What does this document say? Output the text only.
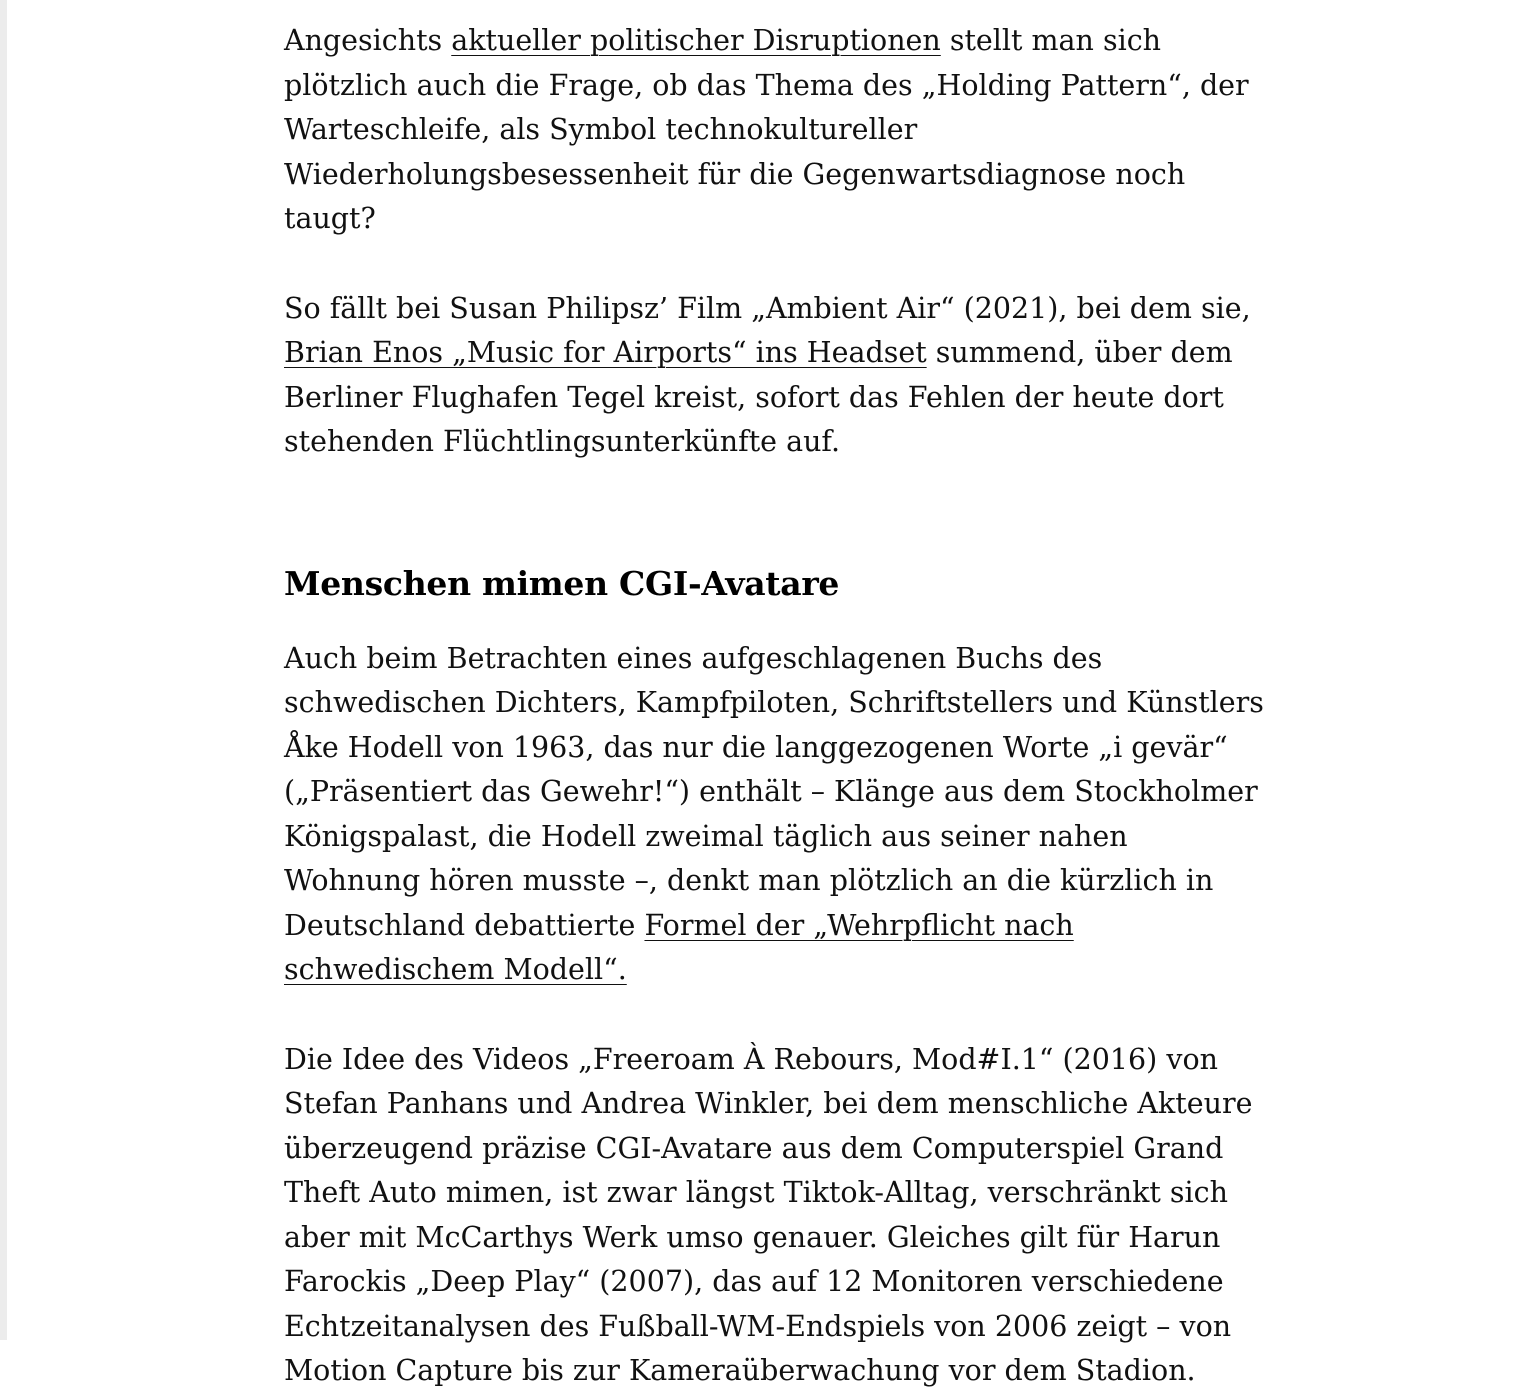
Angesichts aktueller politischer Disruptionen stellt man sich plötzlich auch die Frage, ob das Thema des „Holding Pattern“, der Warteschleife, als Symbol technokultureller Wiederholungsbesessenheit für die Gegenwartsdiagnose noch taugt?

So fällt bei Susan Philipsz’ Film „Ambient Air“ (2021), bei dem sie, Brian Enos „Music for Airports“ ins Headset summend, über dem Berliner Flughafen Tegel kreist, sofort das Fehlen der heute dort stehenden Flüchtlingsunterkünfte auf.

Menschen mimen CGI-Avatare

Auch beim Betrachten eines aufgeschlagenen Buchs des schwedischen Dichters, Kampfpiloten, Schriftstellers und Künstlers Åke Hodell von 1963, das nur die langgezogenen Worte „i gevär“ („Präsentiert das Gewehr!“) enthält – Klänge aus dem Stockholmer Königspalast, die Hodell zweimal täglich aus seiner nahen Wohnung hören musste –, denkt man plötzlich an die kürzlich in Deutschland debattierte Formel der „Wehrpflicht nach schwedischem Modell“.

Die Idee des Videos „Freeroam À Rebours, Mod#I.1“ (2016) von Stefan Panhans und Andrea Winkler, bei dem menschliche Akteure überzeugend präzise CGI-Avatare aus dem Computerspiel Grand Theft Auto mimen, ist zwar längst Tiktok-Alltag, verschränkt sich aber mit McCarthys Werk umso genauer. Gleiches gilt für Harun Farockis „Deep Play“ (2007), das auf 12 Monitoren verschiedene Echtzeitanalysen des Fußball-WM-Endspiels von 2006 zeigt – von Motion Capture bis zur Kameraüberwachung vor dem Stadion.
